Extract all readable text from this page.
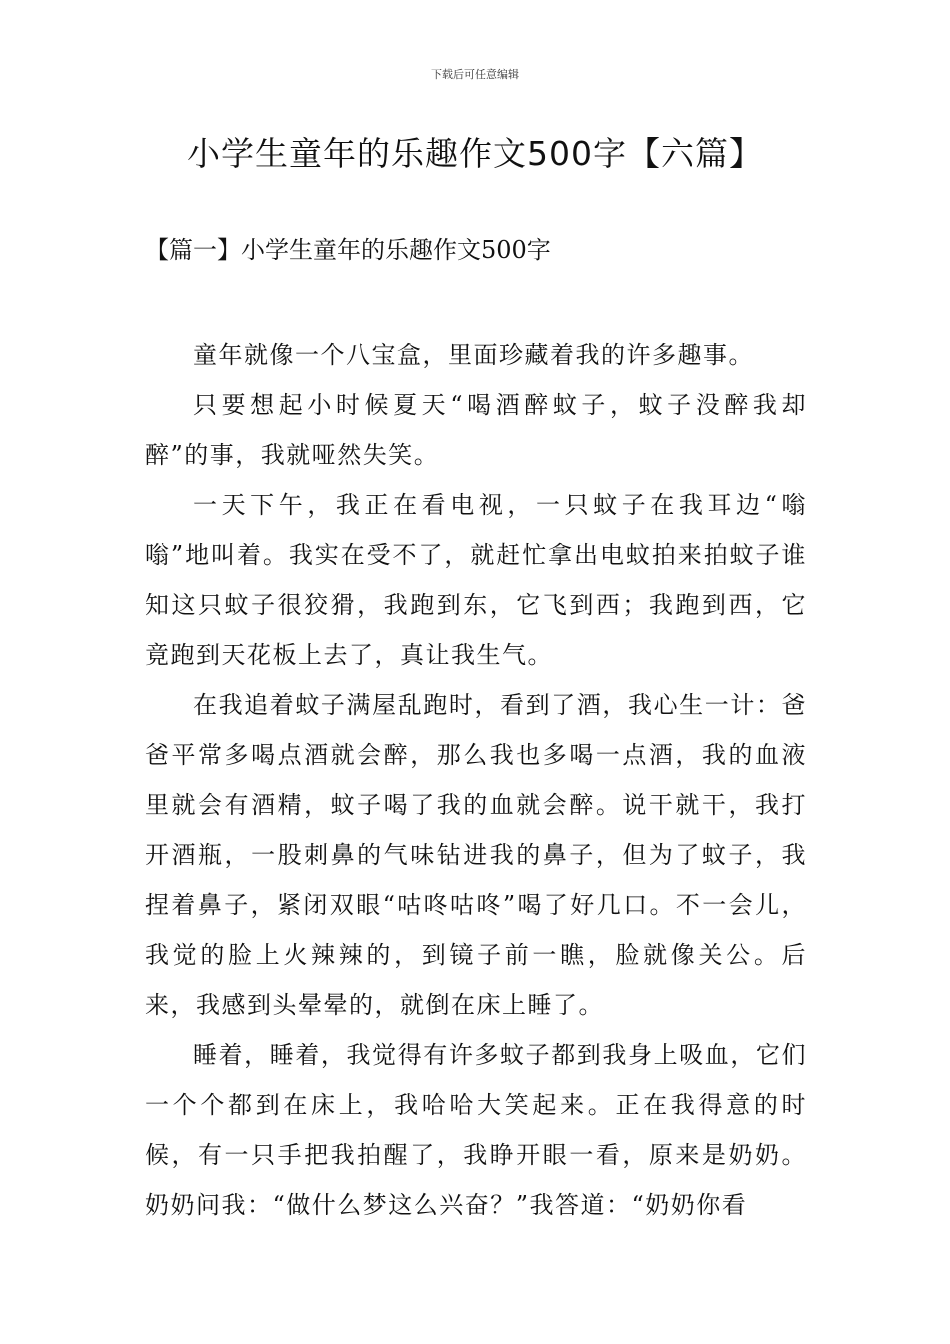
下载后可任意编辑
小学生童年的乐趣作文500字【六篇】
【篇一】小学生童年的乐趣作文500字

童年就像一个八宝盒，里面珍藏着我的许多趣事。

只要想起小时候夏天“喝酒醉蚊子，蚊子没醉我却醉”的事，我就哑然失笑。

一天下午，我正在看电视，一只蚊子在我耳边“嗡嗡”地叫着。我实在受不了，就赶忙拿出电蚊拍来拍蚊子谁知这只蚊子很狡猾，我跑到东，它飞到西；我跑到西，它竟跑到天花板上去了，真让我生气。

在我追着蚊子满屋乱跑时，看到了酒，我心生一计：爸爸平常多喝点酒就会醉，那么我也多喝一点酒，我的血液里就会有酒精，蚊子喝了我的血就会醉。说干就干，我打开酒瓶，一股刺鼻的气味钻进我的鼻子，但为了蚊子，我捏着鼻子，紧闭双眼“咕咚咕咚”喝了好几口。不一会儿，我觉的脸上火辣辣的，到镜子前一瞧，脸就像关公。后来，我感到头晕晕的，就倒在床上睡了。

睡着，睡着，我觉得有许多蚊子都到我身上吸血，它们一个个都到在床上，我哈哈大笑起来。正在我得意的时候，有一只手把我拍醒了，我睁开眼一看，原来是奶奶。奶奶问我：“做什么梦这么兴奋？”我答道：“奶奶你看
